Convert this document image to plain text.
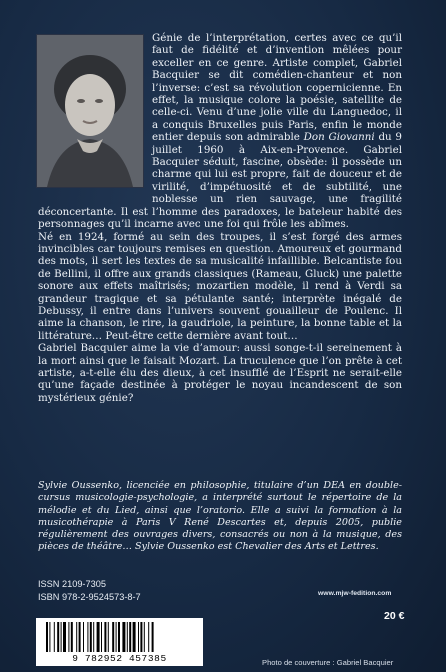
Génie de l’interprétation, certes avec ce qu’il faut de fidélité et d’invention mêlées pour exceller en ce genre. Artiste complet, Gabriel Bacquier se dit comédien-chanteur et non l’inverse: c’est sa révolution copernicienne. En effet, la musique colore la poésie, satellite de celle-ci. Venu d’une jolie ville du Languedoc, il a conquis Bruxelles puis Paris, enfin le monde entier depuis son admirable Don Giovanni du 9 juillet 1960 à Aix-en-Provence. Gabriel Bacquier séduit, fascine, obsède: il possède un charme qui lui est propre, fait de douceur et de virilité, d’impétuosité et de subtilité, une noblesse un rien sauvage, une fragilité déconcertante. Il est l’homme des paradoxes, le bateleur habité des personnages qu’il incarne avec une foi qui frôle les abîmes.

Né en 1924, formé au sein des troupes, il s’est forgé des armes invincibles car toujours remises en question. Amoureux et gourmand des mots, il sert les textes de sa musicalité infaillible. Belcantiste fou de Bellini, il offre aux grands classiques (Rameau, Gluck) une palette sonore aux effets maîtrisés; mozartien modèle, il rend à Verdi sa grandeur tragique et sa pétulante santé; interprète inégalé de Debussy, il entre dans l’univers souvent gouailleur de Poulenc. Il aime la chanson, le rire, la gaudriole, la peinture, la bonne table et la littérature… Peut-être cette dernière avant tout…

Gabriel Bacquier aime la vie d’amour: aussi songe-t-il sereinement à la mort ainsi que le faisait Mozart. La truculence que l’on prête à cet artiste, a-t-elle élu des dieux, à cet insufflé de l’Esprit ne serait-elle qu’une façade destinée à protéger le noyau incandescent de son mystérieux génie?

Sylvie Oussenko, licenciée en philosophie, titulaire d’un DEA en double-cursus musicologie-psychologie, a interprété surtout le répertoire de la mélodie et du Lied, ainsi que l’oratorio. Elle a suivi la formation à la musicothérapie à Paris V René Descartes et, depuis 2005, publie régulièrement des ouvrages divers, consacrés ou non à la musique, des pièces de théâtre… Sylvie Oussenko est Chevalier des Arts et Lettres.
ISSN 2109-7305
ISBN 978-2-9524573-8-7	www.mjw-fedition.com
20 €
9 782952 457385	Photo de couverture : Gabriel Bacquier
